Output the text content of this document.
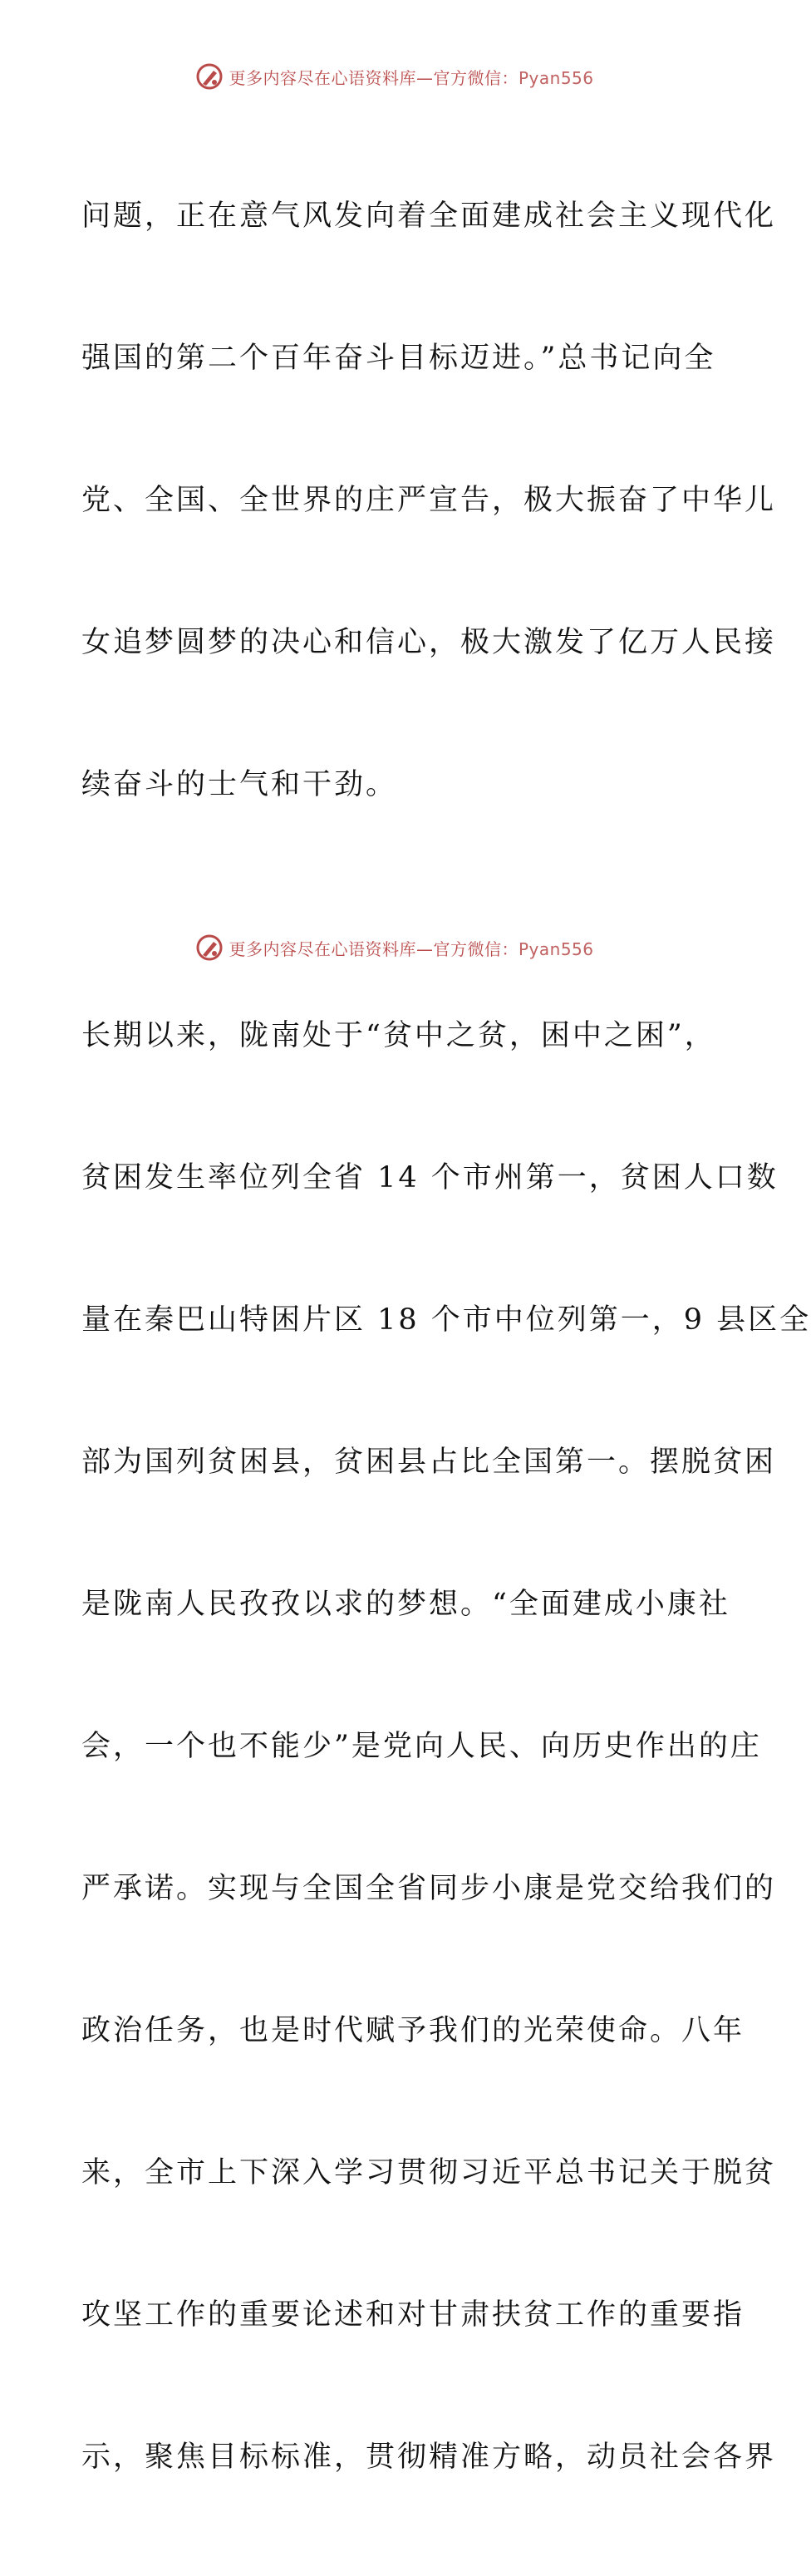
更多内容尽在心语资料库—官方微信：Pyan556

问题，正在意气风发向着全面建成社会主义现代化

强国的第二个百年奋斗目标迈进。”总书记向全

党、全国、全世界的庄严宣告，极大振奋了中华儿

女追梦圆梦的决心和信心，极大激发了亿万人民接

续奋斗的士气和干劲。

长期以来，陇南处于“贫中之贫，困中之困”，

贫困发生率位列全省 14 个市州第一，贫困人口数

量在秦巴山特困片区 18 个市中位列第一，9 县区全

部为国列贫困县，贫困县占比全国第一。摆脱贫困

是陇南人民孜孜以求的梦想。“全面建成小康社

会，一个也不能少”是党向人民、向历史作出的庄

严承诺。实现与全国全省同步小康是党交给我们的

政治任务，也是时代赋予我们的光荣使命。八年

来，全市上下深入学习贯彻习近平总书记关于脱贫

攻坚工作的重要论述和对甘肃扶贫工作的重要指

示，聚焦目标标准，贯彻精准方略，动员社会各界

更多内容尽在心语资料库—官方微信：Pyan556
